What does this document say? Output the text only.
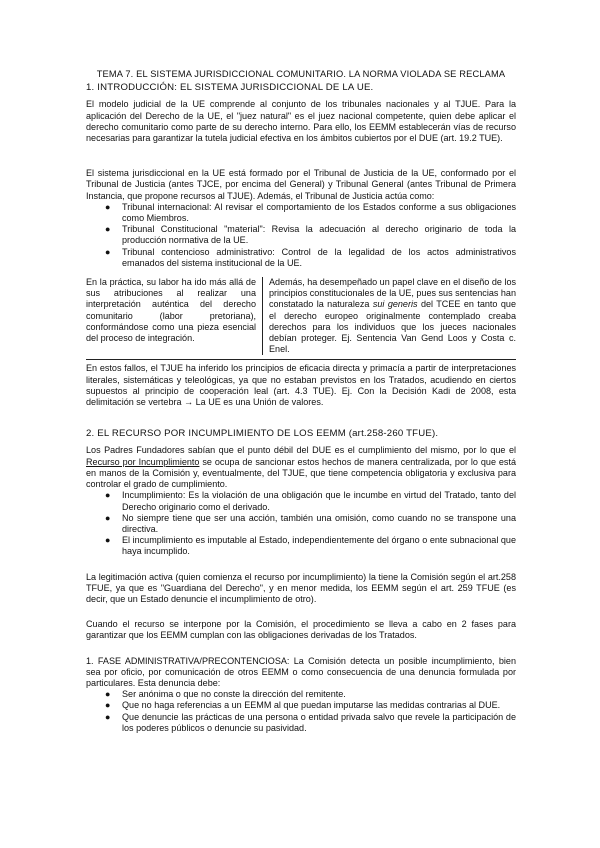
TEMA 7. EL SISTEMA JURISDICCIONAL COMUNITARIO. LA NORMA VIOLADA SE RECLAMA
1. INTRODUCCIÓN: EL SISTEMA JURISDICCIONAL DE LA UE.

El modelo judicial de la UE comprende al conjunto de los tribunales nacionales y al TJUE. Para la aplicación del Derecho de la UE, el "juez natural" es el juez nacional competente, quien debe aplicar el derecho comunitario como parte de su derecho interno. Para ello, los EEMM establecerán vías de recurso necesarias para garantizar la tutela judicial efectiva en los ámbitos cubiertos por el DUE (art. 19.2 TUE).

El sistema jurisdiccional en la UE está formado por el Tribunal de Justicia de la UE, conformado por el Tribunal de Justicia (antes TJCE, por encima del General) y Tribunal General (antes Tribunal de Primera Instancia, que propone recursos al TJUE). Además, el Tribunal de Justicia actúa como:

● Tribunal internacional: Al revisar el comportamiento de los Estados conforme a sus obligaciones como Miembros.
● Tribunal Constitucional "material": Revisa la adecuación al derecho originario de toda la producción normativa de la UE.
● Tribunal contencioso administrativo: Control de la legalidad de los actos administrativos emanados del sistema institucional de la UE.
En la práctica, su labor ha ido más allá de sus atribuciones al realizar una interpretación auténtica del derecho comunitario (labor pretoriana), conformándose como una pieza esencial del proceso de integración.
Además, ha desempeñado un papel clave en el diseño de los principios constitucionales de la UE, pues sus sentencias han constatado la naturaleza sui generis del TCEE en tanto que el derecho europeo originalmente contemplado creaba derechos para los individuos que los jueces nacionales debían proteger. Ej. Sentencia Van Gend Loos y Costa c. Enel.

En estos fallos, el TJUE ha inferido los principios de eficacia directa y primacía a partir de interpretaciones literales, sistemáticas y teleológicas, ya que no estaban previstos en los Tratados, acudiendo en ciertos supuestos al principio de cooperación leal (art. 4.3 TUE). Ej. Con la Decisión Kadi de 2008, esta delimitación se vertebra → La UE es una Unión de valores.

2. EL RECURSO POR INCUMPLIMIENTO DE LOS EEMM (art.258-260 TFUE).

Los Padres Fundadores sabían que el punto débil del DUE es el cumplimiento del mismo, por lo que el Recurso por Incumplimiento se ocupa de sancionar estos hechos de manera centralizada, por lo que está en manos de la Comisión y, eventualmente, del TJUE, que tiene competencia obligatoria y exclusiva para controlar el grado de cumplimiento.

● Incumplimiento: Es la violación de una obligación que le incumbe en virtud del Tratado, tanto del Derecho originario como el derivado.
● No siempre tiene que ser una acción, también una omisión, como cuando no se transpone una directiva.
● El incumplimiento es imputable al Estado, independientemente del órgano o ente subnacional que haya incumplido.

La legitimación activa (quien comienza el recurso por incumplimiento) la tiene la Comisión según el art.258 TFUE, ya que es "Guardiana del Derecho", y en menor medida, los EEMM según el art. 259 TFUE (es decir, que un Estado denuncie el incumplimiento de otro).

Cuando el recurso se interpone por la Comisión, el procedimiento se lleva a cabo en 2 fases para garantizar que los EEMM cumplan con las obligaciones derivadas de los Tratados.

1. FASE ADMINISTRATIVA/PRECONTENCIOSA: La Comisión detecta un posible incumplimiento, bien sea por oficio, por comunicación de otros EEMM o como consecuencia de una denuncia formulada por particulares. Esta denuncia debe:

● Ser anónima o que no conste la dirección del remitente.
● Que no haga referencias a un EEMM al que puedan imputarse las medidas contrarias al DUE.
● Que denuncie las prácticas de una persona o entidad privada salvo que revele la participación de los poderes públicos o denuncie su pasividad.
